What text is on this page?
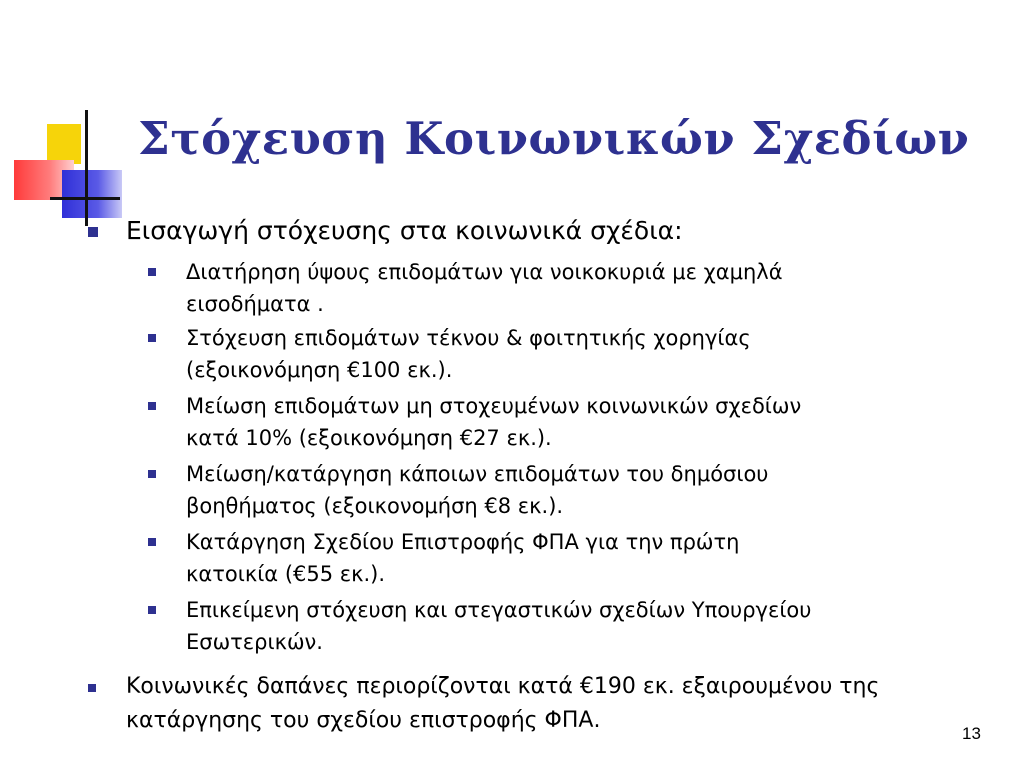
Στόχευση Κοινωνικών Σχεδίων
Εισαγωγή στόχευσης στα κοινωνικά σχέδια:
Διατήρηση ύψους επιδομάτων για νοικοκυριά με χαμηλά
εισοδήματα .
Στόχευση επιδομάτων τέκνου & φοιτητικής χορηγίας
(εξοικονόμηση €100 εκ.).
Μείωση επιδομάτων μη στοχευμένων κοινωνικών σχεδίων
κατά 10% (εξοικονόμηση €27 εκ.).
Μείωση/κατάργηση κάποιων επιδομάτων του δημόσιου
βοηθήματος (εξοικονομήση €8 εκ.).
Κατάργηση Σχεδίου Επιστροφής ΦΠΑ για την πρώτη
κατοικία (€55 εκ.).
Επικείμενη στόχευση και στεγαστικών σχεδίων Υπουργείου
Εσωτερικών.
Κοινωνικές δαπάνες περιορίζονται κατά €190 εκ. εξαιρουμένου της
κατάργησης του σχεδίου επιστροφής ΦΠΑ.
13
